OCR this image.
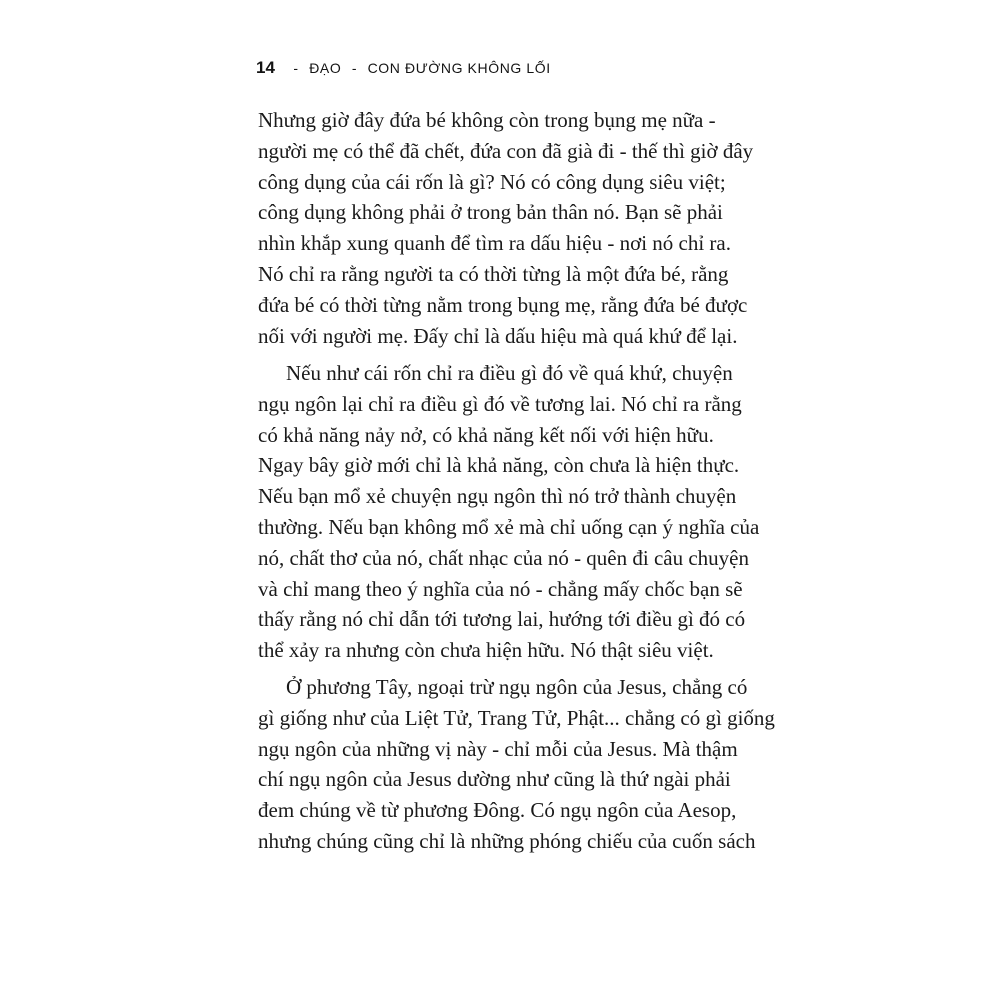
14 - ĐẠO - CON ĐƯỜNG KHÔNG LỐI

Nhưng giờ đây đứa bé không còn trong bụng mẹ nữa -
người mẹ có thể đã chết, đứa con đã già đi - thế thì giờ đây
công dụng của cái rốn là gì? Nó có công dụng siêu việt;
công dụng không phải ở trong bản thân nó. Bạn sẽ phải
nhìn khắp xung quanh để tìm ra dấu hiệu - nơi nó chỉ ra.
Nó chỉ ra rằng người ta có thời từng là một đứa bé, rằng
đứa bé có thời từng nằm trong bụng mẹ, rằng đứa bé được
nối với người mẹ. Đấy chỉ là dấu hiệu mà quá khứ để lại.

Nếu như cái rốn chỉ ra điều gì đó về quá khứ, chuyện
ngụ ngôn lại chỉ ra điều gì đó về tương lai. Nó chỉ ra rằng
có khả năng nảy nở, có khả năng kết nối với hiện hữu.
Ngay bây giờ mới chỉ là khả năng, còn chưa là hiện thực.
Nếu bạn mổ xẻ chuyện ngụ ngôn thì nó trở thành chuyện
thường. Nếu bạn không mổ xẻ mà chỉ uống cạn ý nghĩa của
nó, chất thơ của nó, chất nhạc của nó - quên đi câu chuyện
và chỉ mang theo ý nghĩa của nó - chẳng mấy chốc bạn sẽ
thấy rằng nó chỉ dẫn tới tương lai, hướng tới điều gì đó có
thể xảy ra nhưng còn chưa hiện hữu. Nó thật siêu việt.

Ở phương Tây, ngoại trừ ngụ ngôn của Jesus, chẳng có
gì giống như của Liệt Tử, Trang Tử, Phật... chẳng có gì giống
ngụ ngôn của những vị này - chỉ mỗi của Jesus. Mà thậm
chí ngụ ngôn của Jesus dường như cũng là thứ ngài phải
đem chúng về từ phương Đông. Có ngụ ngôn của Aesop,
nhưng chúng cũng chỉ là những phóng chiếu của cuốn sách
